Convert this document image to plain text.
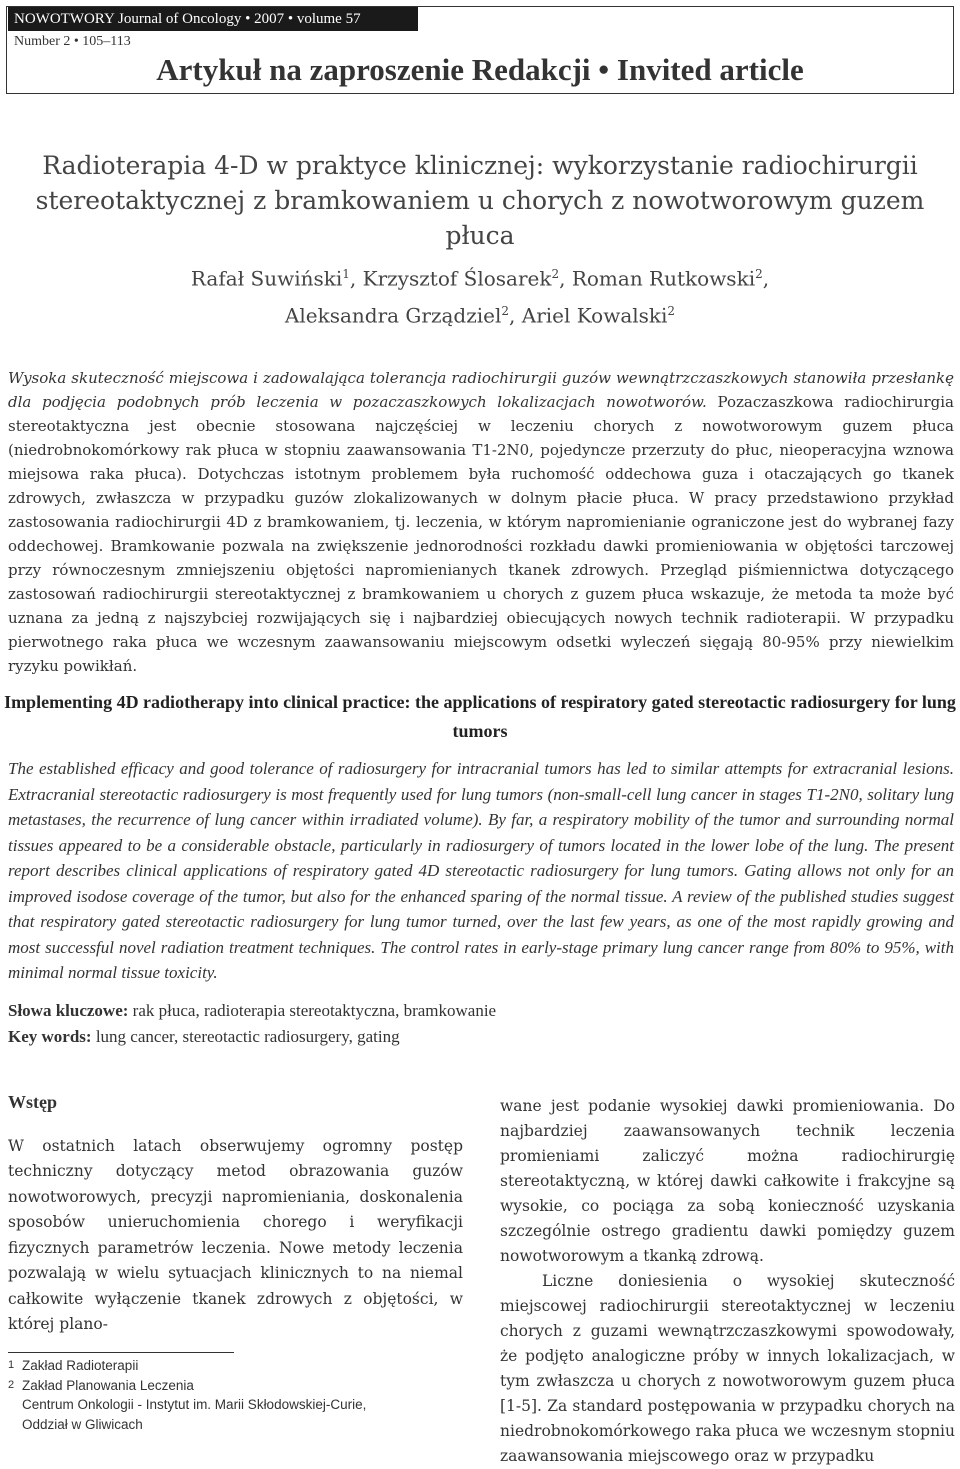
NOWOTWORY Journal of Oncology • 2007 • volume 57
Number 2 • 105–113
Artykuł na zaproszenie Redakcji • Invited article
Radioterapia 4-D w praktyce klinicznej: wykorzystanie radiochirurgii
stereotaktycznej z bramkowaniem u chorych z nowotworowym guzem płuca
Rafał Suwiński$^1$, Krzysztof Ślosarek$^2$, Roman Rutkowski$^2$,
Aleksandra Grządziel$^2$, Ariel Kowalski$^2$
Wysoka skuteczność miejscowa i zadowalająca tolerancja radiochirurgii guzów wewnątrzczaszkowych stanowiła przesłankę dla podjęcia podobnych prób leczenia w pozaczaszkowych lokalizacjach nowotworów. Pozaczaszkowa radiochirurgia stereotaktyczna jest obecnie stosowana najczęściej w leczeniu chorych z nowotworowym guzem płuca (niedrobnokomórkowy rak płuca w stopniu zaawansowania T1-2N0, pojedyncze przerzuty do płuc, nieoperacyjna wznowa miejsowa raka płuca). Dotychczas istotnym problemem była ruchomość oddechowa guza i otaczających go tkanek zdrowych, zwłaszcza w przypadku guzów zlokalizowanych w dolnym płacie płuca. W pracy przedstawiono przykład zastosowania radiochirurgii 4D z bramkowaniem, tj. leczenia, w którym napromienianie ograniczone jest do wybranej fazy oddechowej. Bramkowanie pozwala na zwiększenie jednorodności rozkładu dawki promieniowania w objętości tarczowej przy równoczesnym zmniejszeniu objętości napromienianych tkanek zdrowych. Przegląd piśmiennictwa dotyczącego zastosowań radiochirurgii stereotaktycznej z bramkowaniem u chorych z guzem płuca wskazuje, że metoda ta może być uznana za jedną z najszybciej rozwijających się i najbardziej obiecujących nowych technik radioterapii. W przypadku pierwotnego raka płuca we wczesnym zaawansowaniu miejscowym odsetki wyleczeń sięgają 80-95% przy niewielkim ryzyku powikłań.
Implementing 4D radiotherapy into clinical practice: the applications of respiratory gated stereotactic radiosurgery for lung tumors
The established efficacy and good tolerance of radiosurgery for intracranial tumors has led to similar attempts for extracranial lesions. Extracranial stereotactic radiosurgery is most frequently used for lung tumors (non-small-cell lung cancer in stages T1-2N0, solitary lung metastases, the recurrence of lung cancer within irradiated volume). By far, a respiratory mobility of the tumor and surrounding normal tissues appeared to be a considerable obstacle, particularly in radiosurgery of tumors located in the lower lobe of the lung. The present report describes clinical applications of respiratory gated 4D stereotactic radiosurgery for lung tumors. Gating allows not only for an improved isodose coverage of the tumor, but also for the enhanced sparing of the normal tissue. A review of the published studies suggest that respiratory gated stereotactic radiosurgery for lung tumor turned, over the last few years, as one of the most rapidly growing and most successful novel radiation treatment techniques. The control rates in early-stage primary lung cancer range from 80% to 95%, with minimal normal tissue toxicity.
Słowa kluczowe: rak płuca, radioterapia stereotaktyczna, bramkowanie
Key words: lung cancer, stereotactic radiosurgery, gating
Wstęp

W ostatnich latach obserwujemy ogromny postęp techniczny dotyczący metod obrazowania guzów nowotworowych, precyzji napromieniania, doskonalenia sposobów unieruchomienia chorego i weryfikacji fizycznych parametrów leczenia. Nowe metody leczenia pozwalają w wielu sytuacjach klinicznych to na niemal całkowite wyłączenie tkanek zdrowych z objętości, w której plano-

1 Zakład Radioterapii
2 Zakład Planowania Leczenia
Centrum Onkologii - Instytut im. Marii Skłodowskiej-Curie,
Oddział w Gliwicach

wane jest podanie wysokiej dawki promieniowania. Do najbardziej zaawansowanych technik leczenia promieniami zaliczyć można radiochirurgię stereotaktyczną, w której dawki całkowite i frakcyjne są wysokie, co pociąga za sobą konieczność uzyskania szczególnie ostrego gradientu dawki pomiędzy guzem nowotworowym a tkanką zdrową.

Liczne doniesienia o wysokiej skuteczność miejscowej radiochirurgii stereotaktycznej w leczeniu chorych z guzami wewnątrzczaszkowymi spowodowały, że podjęto analogiczne próby w innych lokalizacjach, w tym zwłaszcza u chorych z nowotworowym guzem płuca [1-5]. Za standard postępowania w przypadku chorych na niedrobnokomórkowego raka płuca we wczesnym stopniu zaawansowania miejscowego oraz w przypadku
